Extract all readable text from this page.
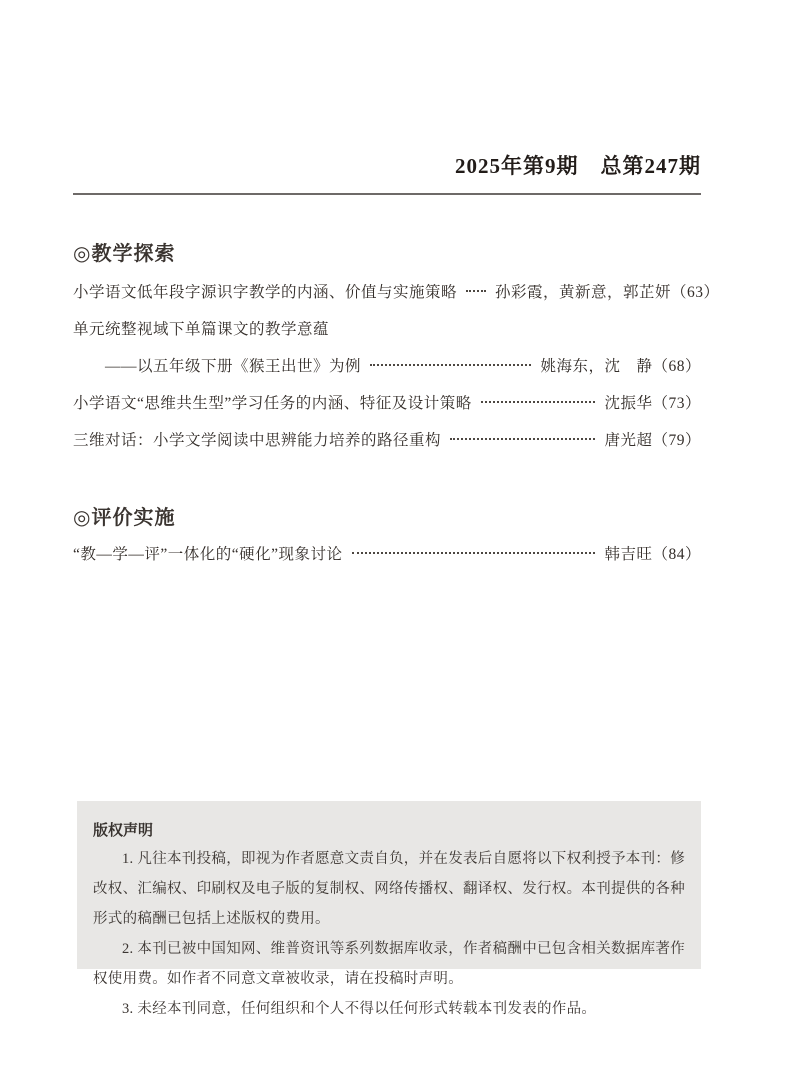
2025年第9期　总第247期
◎教学探索
小学语文低年段字源识字教学的内涵、价值与实施策略 孙彩霞，黄新意，郭芷妍（63）
单元统整视域下单篇课文的教学意蕴
——以五年级下册《猴王出世》为例	姚海东，沈　静（68）
小学语文“思维共生型”学习任务的内涵、特征及设计策略	沈振华（73）
三维对话：小学文学阅读中思辨能力培养的路径重构	唐光超（79）
◎评价实施
“教—学—评”一体化的“硬化”现象讨论	韩吉旺（84）
版权声明

1. 凡往本刊投稿，即视为作者愿意文责自负，并在发表后自愿将以下权利授予本刊：修改权、汇编权、印刷权及电子版的复制权、网络传播权、翻译权、发行权。本刊提供的各种形式的稿酬已包括上述版权的费用。

2. 本刊已被中国知网、维普资讯等系列数据库收录，作者稿酬中已包含相关数据库著作权使用费。如作者不同意文章被收录，请在投稿时声明。

3. 未经本刊同意，任何组织和个人不得以任何形式转载本刊发表的作品。
